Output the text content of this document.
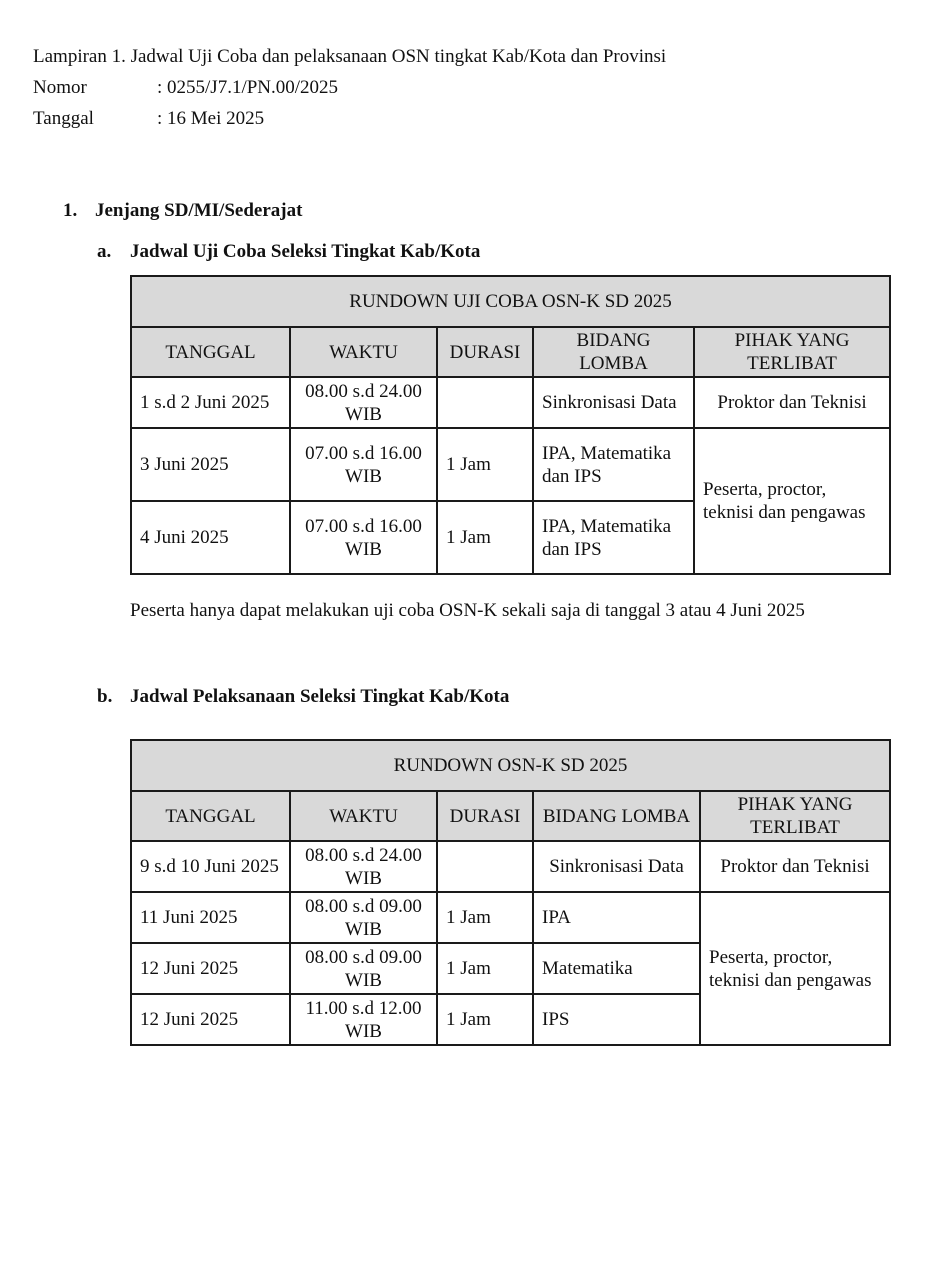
Lampiran 1. Jadwal Uji Coba dan pelaksanaan OSN tingkat Kab/Kota dan Provinsi
Nomor	: 0255/J7.1/PN.00/2025
Tanggal	: 16 Mei 2025
1. Jenjang SD/MI/Sederajat
a. Jadwal Uji Coba Seleksi Tingkat Kab/Kota
RUNDOWN UJI COBA OSN-K SD 2025				
TANGGAL	WAKTU	DURASI	BIDANG LOMBA	PIHAK YANG TERLIBAT
1 s.d 2 Juni 2025	08.00 s.d 24.00 WIB		Sinkronisasi Data	Proktor dan Teknisi
3 Juni 2025	07.00 s.d 16.00 WIB	1 Jam	IPA, Matematika dan IPS	Peserta, proctor, teknisi dan pengawas
4 Juni 2025	07.00 s.d 16.00 WIB	1 Jam	IPA, Matematika dan IPS	
Peserta hanya dapat melakukan uji coba OSN-K sekali saja di tanggal 3 atau 4 Juni 2025
b. Jadwal Pelaksanaan Seleksi Tingkat Kab/Kota
RUNDOWN OSN-K SD 2025				
TANGGAL	WAKTU	DURASI	BIDANG LOMBA	PIHAK YANG TERLIBAT
9 s.d 10 Juni 2025	08.00 s.d 24.00 WIB		Sinkronisasi Data	Proktor dan Teknisi
11 Juni 2025	08.00 s.d 09.00 WIB	1 Jam	IPA	Peserta, proctor, teknisi dan pengawas
12 Juni 2025	08.00 s.d 09.00 WIB	1 Jam	Matematika	
12 Juni 2025	11.00 s.d 12.00 WIB	1 Jam	IPS	
